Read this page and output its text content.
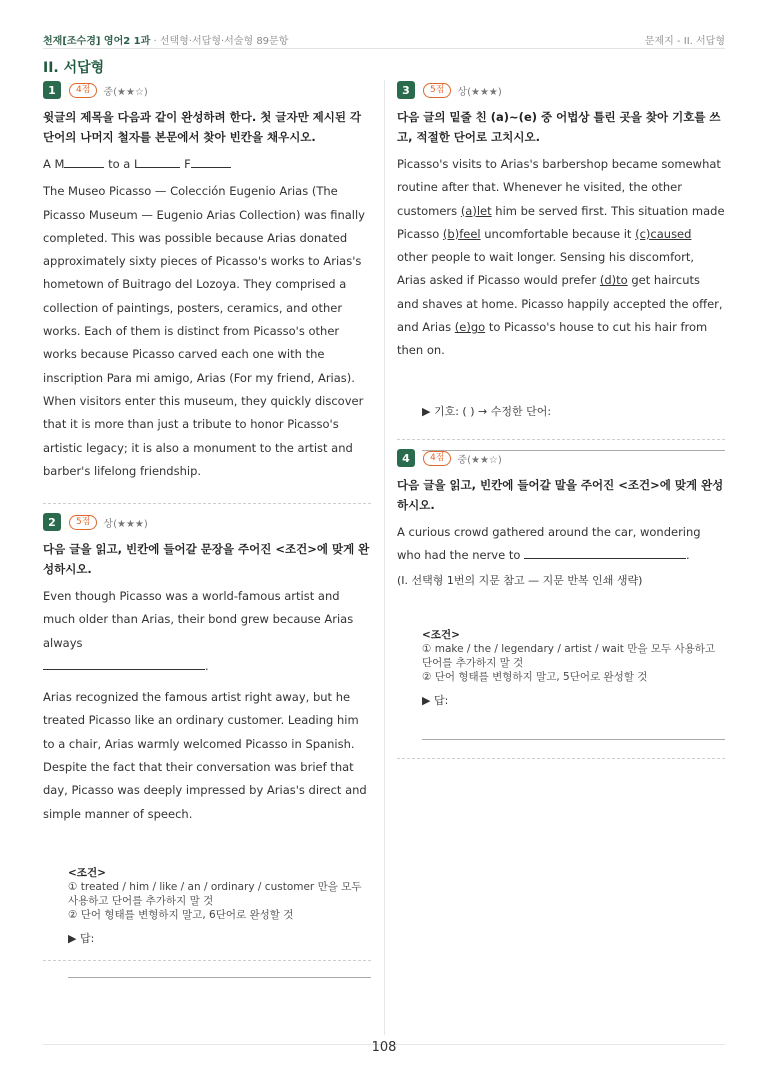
천재[조수경] 영어2 1과 · 선택형·서답형·서술형 89문항	문제지 - II. 서답형
II. 서답형
1	4점	중(★★☆)
윗글의 제목을 다음과 같이 완성하려 한다. 첫 글자만 제시된 각 단어의 나머지 철자를 본문에서 찾아 빈칸을 채우시오.
A M	to a L	F
The Museo Picasso — Colección Eugenio Arias (The Picasso Museum — Eugenio Arias Collection) was finally completed. This was possible because Arias donated approximately sixty pieces of Picasso's works to Arias's hometown of Buitrago del Lozoya. They comprised a collection of paintings, posters, ceramics, and other works. Each of them is distinct from Picasso's other works because Picasso carved each one with the inscription Para mi amigo, Arias (For my friend, Arias). When visitors enter this museum, they quickly discover that it is more than just a tribute to honor Picasso's artistic legacy; it is also a monument to the artist and barber's lifelong friendship.
2	5점	상(★★★)
다음 글을 읽고, 빈칸에 들어갈 문장을 주어진 <조건>에 맞게 완성하시오.
Even though Picasso was a world-famous artist and much older than Arias, their bond grew because Arias always
.
Arias recognized the famous artist right away, but he treated Picasso like an ordinary customer. Leading him to a chair, Arias warmly welcomed Picasso in Spanish. Despite the fact that their conversation was brief that day, Picasso was deeply impressed by Arias's direct and simple manner of speech.
<조건>
① treated / him / like / an / ordinary / customer 만을 모두 사용하고 단어를 추가하지 말 것
② 단어 형태를 변형하지 말고, 6단어로 완성할 것
▶ 답:
3	5점	상(★★★)
다음 글의 밑줄 친 (a)~(e) 중 어법상 틀린 곳을 찾아 기호를 쓰고, 적절한 단어로 고치시오.
Picasso's visits to Arias's barbershop became somewhat routine after that. Whenever he visited, the other customers (a)let him be served first. This situation made Picasso (b)feel uncomfortable because it (c)caused other people to wait longer. Sensing his discomfort, Arias asked if Picasso would prefer (d)to get haircuts and shaves at home. Picasso happily accepted the offer, and Arias (e)go to Picasso's house to cut his hair from then on.
▶ 기호: ( ) → 수정한 단어:
4	4점	중(★★☆)
다음 글을 읽고, 빈칸에 들어갈 말을 주어진 <조건>에 맞게 완성하시오.
A curious crowd gathered around the car, wondering who had the nerve to	.
(I. 선택형 1번의 지문 참고 — 지문 반복 인쇄 생략)
<조건>
① make / the / legendary / artist / wait 만을 모두 사용하고 단어를 추가하지 말 것
② 단어 형태를 변형하지 말고, 5단어로 완성할 것
▶ 답:
108
